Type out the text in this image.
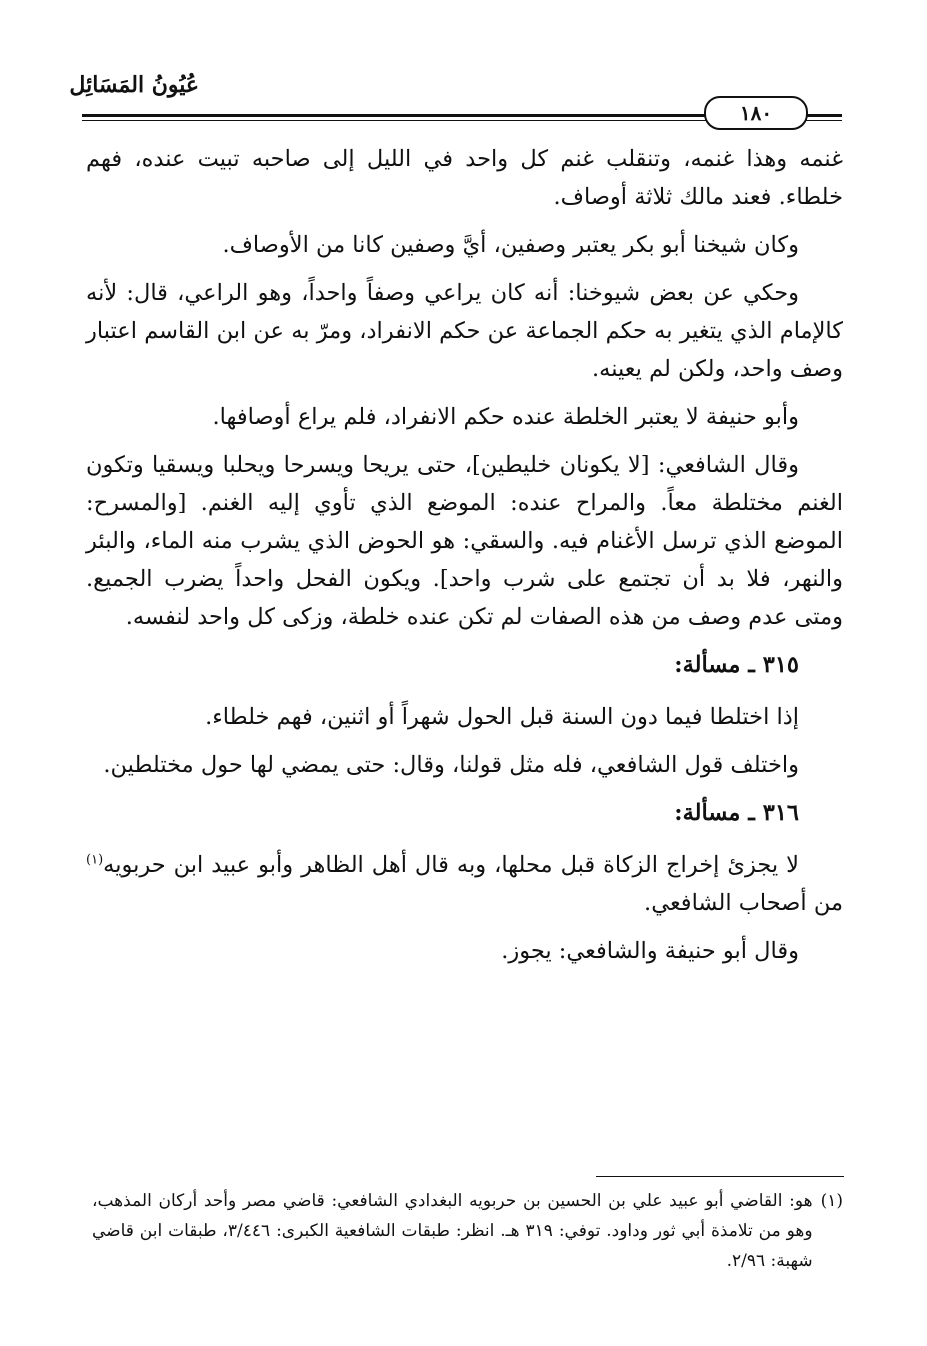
عُيُونُ المَسَائِل
١٨٠

غنمه وهذا غنمه، وتنقلب غنم كل واحد في الليل إلى صاحبه تبيت عنده، فهم خلطاء. فعند مالك ثلاثة أوصاف.

وكان شيخنا أبو بكر يعتبر وصفين، أيَّ وصفين كانا من الأوصاف.

وحكي عن بعض شيوخنا: أنه كان يراعي وصفاً واحداً، وهو الراعي، قال: لأنه كالإمام الذي يتغير به حكم الجماعة عن حكم الانفراد، ومرّ به عن ابن القاسم اعتبار وصف واحد، ولكن لم يعينه.

وأبو حنيفة لا يعتبر الخلطة عنده حكم الانفراد، فلم يراع أوصافها.

وقال الشافعي: [لا يكونان خليطين]، حتى يريحا ويسرحا ويحلبا ويسقيا وتكون الغنم مختلطة معاً. والمراح عنده: الموضع الذي تأوي إليه الغنم. [والمسرح: الموضع الذي ترسل الأغنام فيه. والسقي: هو الحوض الذي يشرب منه الماء، والبئر والنهر، فلا بد أن تجتمع على شرب واحد]. ويكون الفحل واحداً يضرب الجميع. ومتى عدم وصف من هذه الصفات لم تكن عنده خلطة، وزكى كل واحد لنفسه.

٣١٥ ـ مسألة:

إذا اختلطا فيما دون السنة قبل الحول شهراً أو اثنين، فهم خلطاء.

واختلف قول الشافعي، فله مثل قولنا، وقال: حتى يمضي لها حول مختلطين.

٣١٦ ـ مسألة:

لا يجزئ إخراج الزكاة قبل محلها، وبه قال أهل الظاهر وأبو عبيد ابن حربويه$^{(١)}$ من أصحاب الشافعي.

وقال أبو حنيفة والشافعي: يجوز.

(١)
هو: القاضي أبو عبيد علي بن الحسين بن حربويه البغدادي الشافعي: قاضي مصر وأحد أركان المذهب، وهو من تلامذة أبي ثور وداود. توفي: ٣١٩ هـ. انظر: طبقات الشافعية الكبرى: ٣/٤٤٦، طبقات ابن قاضي شهبة: ٢/٩٦.
